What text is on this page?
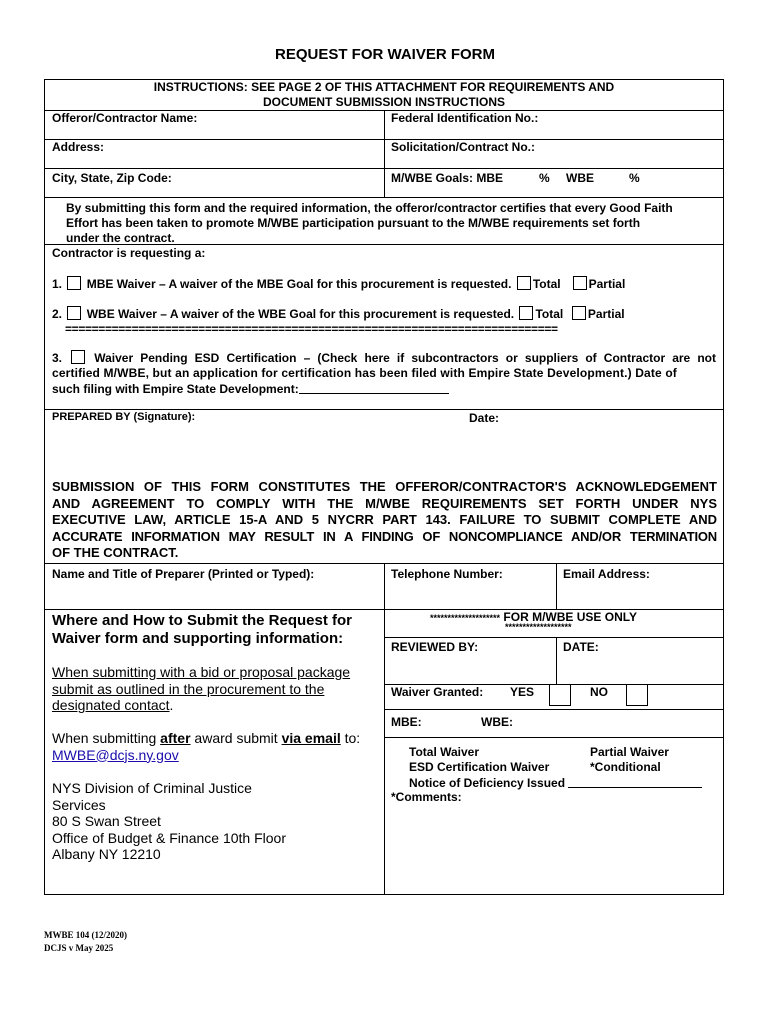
REQUEST FOR WAIVER FORM
INSTRUCTIONS: SEE PAGE 2 OF THIS ATTACHMENT FOR REQUIREMENTS AND
DOCUMENT SUBMISSION INSTRUCTIONS
Offeror/Contractor Name:	Federal Identification No.:
Address:	Solicitation/Contract No.:
City, State, Zip Code:	M/WBE Goals: MBE	% WBE	%
By submitting this form and the required information, the offeror/contractor certifies that every Good Faith
Effort has been taken to promote M/WBE participation pursuant to the M/WBE requirements set forth
under the contract.
Contractor is requesting a:
1. MBE Waiver – A waiver of the MBE Goal for this procurement is requested. Total Partial
2. WBE Waiver – A waiver of the WBE Goal for this procurement is requested. Total Partial
==========================================================================
3.	Waiver Pending ESD Certification – (Check here if subcontractors or suppliers of Contractor are not
certified M/WBE, but an application for certification has been filed with Empire State Development.) Date of
such filing with Empire State Development:
PREPARED BY (Signature):	Date:
SUBMISSION OF THIS FORM CONSTITUTES THE OFFEROR/CONTRACTOR'S ACKNOWLEDGEMENT
AND AGREEMENT TO COMPLY WITH THE M/WBE REQUIREMENTS SET FORTH UNDER NYS
EXECUTIVE LAW, ARTICLE 15-A AND 5 NYCRR PART 143. FAILURE TO SUBMIT COMPLETE AND
ACCURATE INFORMATION MAY RESULT IN A FINDING OF NONCOMPLIANCE AND/OR TERMINATION
OF THE CONTRACT.
Name and Title of Preparer (Printed or Typed):	Telephone Number:	Email Address:
Where and How to Submit the Request for
Waiver form and supporting information:
When submitting with a bid or proposal package
submit as outlined in the procurement to the
designated contact.
When submitting after award submit via email to:
MWBE@dcjs.ny.gov
NYS Division of Criminal Justice
Services
80 S Swan Street
Office of Budget & Finance 10th Floor
Albany NY 12210
******************** FOR M/WBE USE ONLY
*******************
REVIEWED BY:	DATE:
Waiver Granted: YES	NO
MBE:	WBE:
Total Waiver	Partial Waiver
ESD Certification Waiver	*Conditional
Notice of Deficiency Issued
*Comments:
MWBE 104 (12/2020)
DCJS v May 2025
